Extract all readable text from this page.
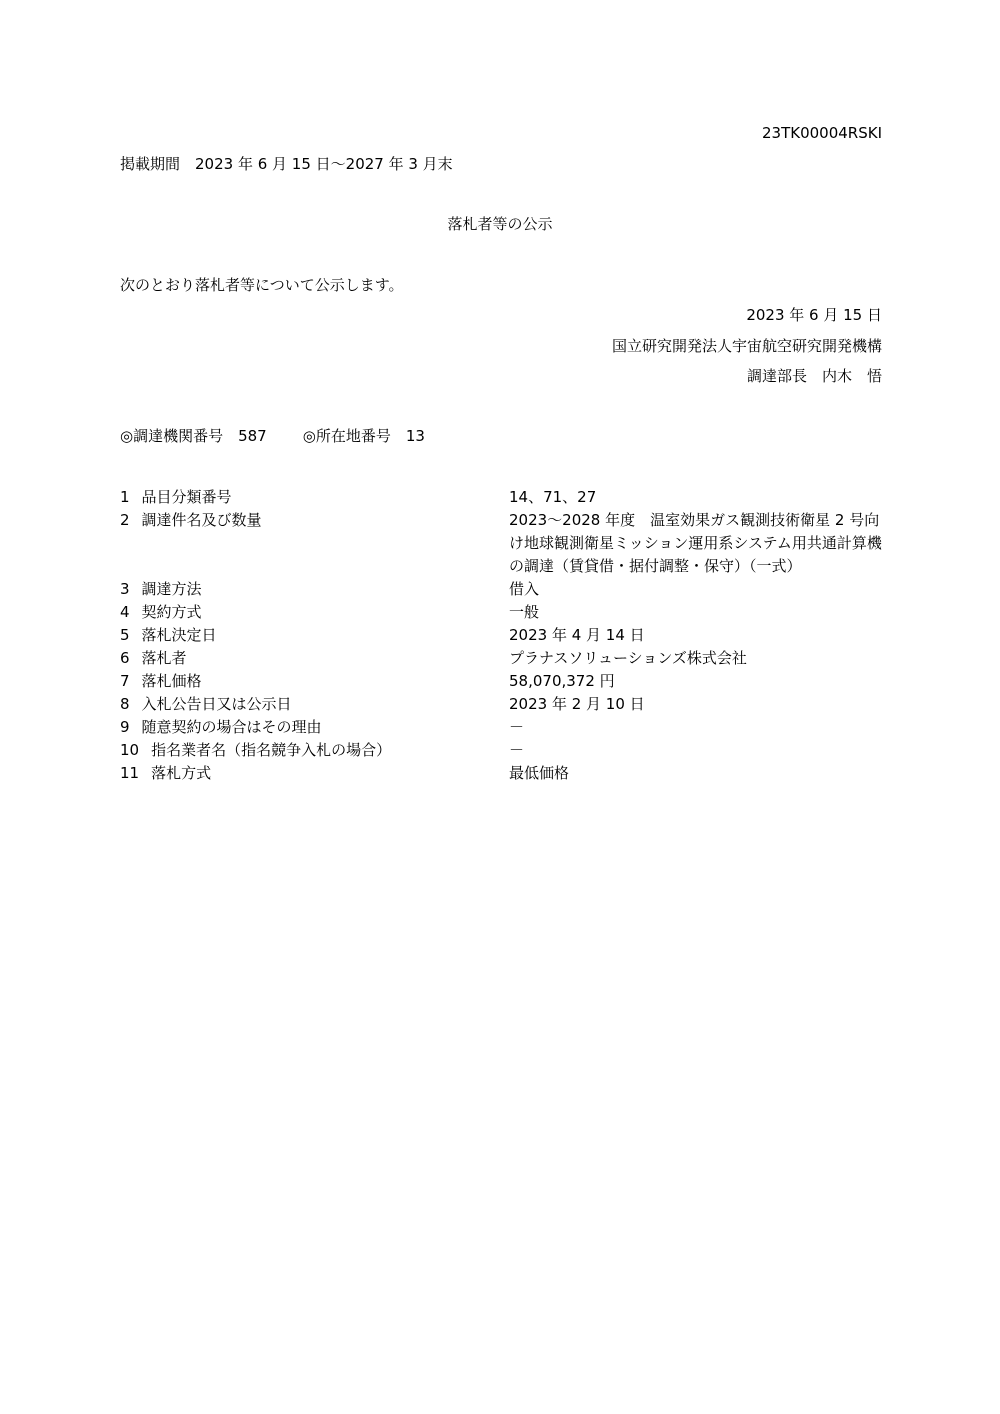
23TK00004RSKI
掲載期間　2023 年 6 月 15 日～2027 年 3 月末
落札者等の公示
次のとおり落札者等について公示します。
2023 年 6 月 15 日
国立研究開発法人宇宙航空研究開発機構
調達部長　内木　悟
◎調達機関番号　587 ◎所在地番号　13
1 品目分類番号	14、71、27
2 調達件名及び数量	2023～2028 年度　温室効果ガス観測技術衛星 2 号向け地球観測衛星ミッション運用系システム用共通計算機の調達（賃貸借・据付調整・保守）（一式）
3 調達方法	借入
4 契約方式	一般
5 落札決定日	2023 年 4 月 14 日
6 落札者	プラナスソリューションズ株式会社
7 落札価格	58,070,372 円
8 入札公告日又は公示日	2023 年 2 月 10 日
9 随意契約の場合はその理由	－
10 指名業者名（指名競争入札の場合）	－
11 落札方式	最低価格
